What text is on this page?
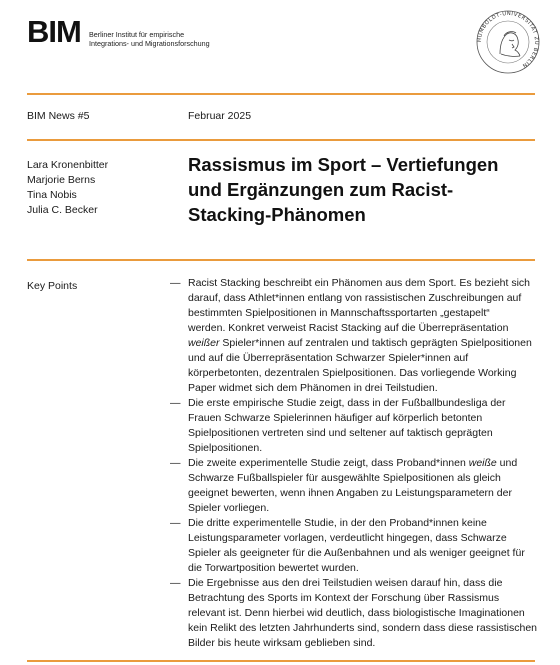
BIM Berliner Institut für empirische
Integrations- und Migrationsforschung	HUMBOLDT-UNIVERSITÄT ZU BERLIN
BIM News #5	Februar 2025
Lara Kronenbitter
Marjorie Berns
Tina Nobis
Julia C. Becker
Rassismus im Sport – Vertiefungen
und Ergänzungen zum Racist-
Stacking-Phänomen
Key Points	— Racist Stacking beschreibt ein Phänomen aus dem Sport. Es bezieht sich
darauf, dass Athlet*innen entlang von rassistischen Zuschreibungen auf
bestimmten Spielpositionen in Mannschaftssportarten „gestapelt“
werden. Konkret verweist Racist Stacking auf die Überrepräsentation
weißer Spieler*innen auf zentralen und taktisch geprägten Spielpositionen
und auf die Überrepräsentation Schwarzer Spieler*innen auf
körperbetonten, dezentralen Spielpositionen. Das vorliegende Working
Paper widmet sich dem Phänomen in drei Teilstudien.
— Die erste empirische Studie zeigt, dass in der Fußballbundesliga der
Frauen Schwarze Spielerinnen häufiger auf körperlich betonten
Spielpositionen vertreten sind und seltener auf taktisch geprägten
Spielpositionen.
— Die zweite experimentelle Studie zeigt, dass Proband*innen weiße und
Schwarze Fußballspieler für ausgewählte Spielpositionen als gleich
geeignet bewerten, wenn ihnen Angaben zu Leistungsparametern der
Spieler vorliegen.
— Die dritte experimentelle Studie, in der den Proband*innen keine
Leistungsparameter vorlagen, verdeutlicht hingegen, dass Schwarze
Spieler als geeigneter für die Außenbahnen und als weniger geeignet für
die Torwartposition bewertet wurden.
— Die Ergebnisse aus den drei Teilstudien weisen darauf hin, dass die
Betrachtung des Sports im Kontext der Forschung über Rassismus
relevant ist. Denn hierbei wid deutlich, dass biologistische Imaginationen
kein Relikt des letzten Jahrhunderts sind, sondern dass diese rassistischen
Bilder bis heute wirksam geblieben sind.
